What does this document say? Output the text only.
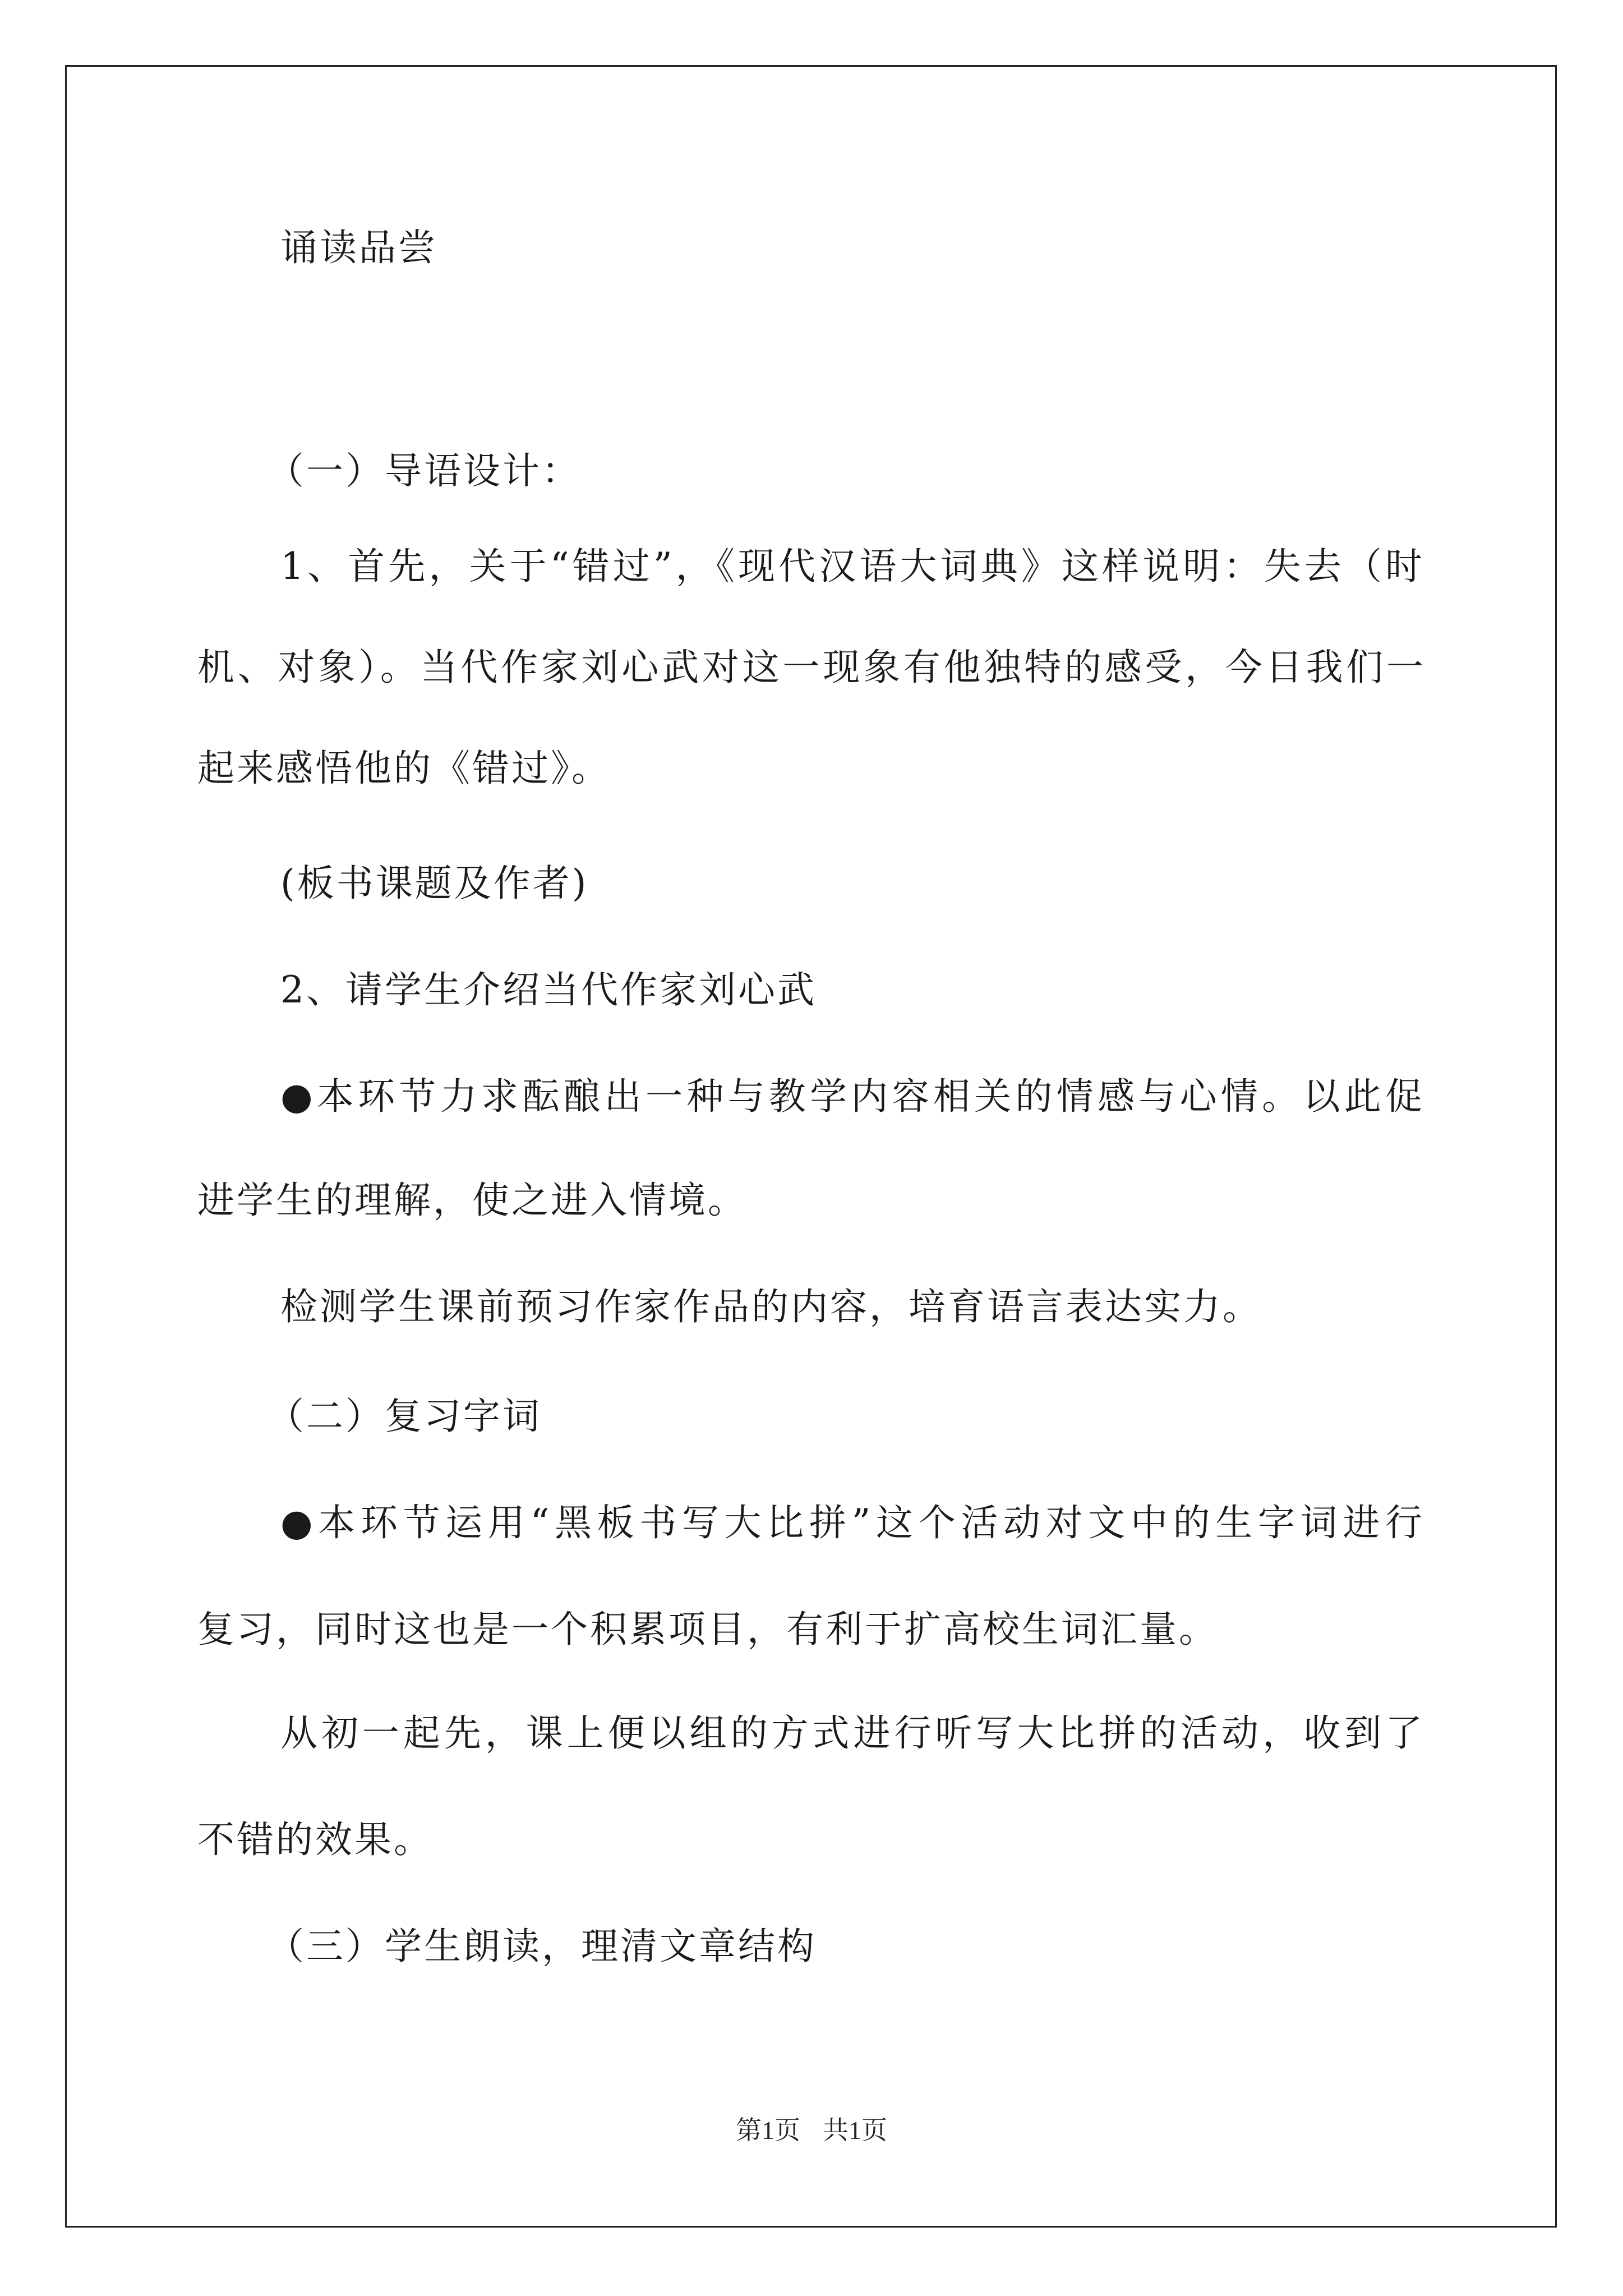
诵读品尝
（一）导语设计：
1、首先，关于“错过”，《现代汉语大词典》这样说明：失去（时
机、对象）。当代作家刘心武对这一现象有他独特的感受，今日我们一
起来感悟他的《错过》。
(板书课题及作者)
2、请学生介绍当代作家刘心武
●本环节力求酝酿出一种与教学内容相关的情感与心情。以此促
进学生的理解，使之进入情境。
检测学生课前预习作家作品的内容，培育语言表达实力。
（二）复习字词
●本环节运用“黑板书写大比拼”这个活动对文中的生字词进行
复习，同时这也是一个积累项目，有利于扩高校生词汇量。
从初一起先，课上便以组的方式进行听写大比拼的活动，收到了
不错的效果。
（三）学生朗读，理清文章结构
第1页 共1页
